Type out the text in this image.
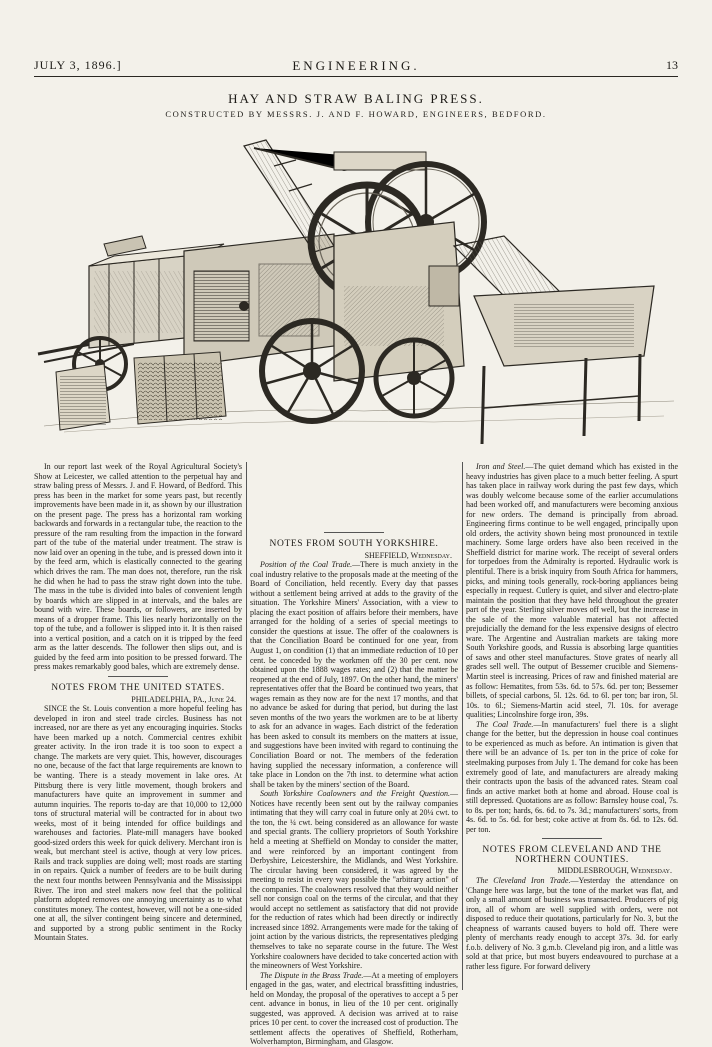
JULY 3, 1896.]	ENGINEERING.	13
HAY AND STRAW BALING PRESS.
CONSTRUCTED BY MESSRS. J. AND F. HOWARD, ENGINEERS, BEDFORD.

In our report last week of the Royal Agricultural Society's Show at Leicester, we called attention to the perpetual hay and straw baling press of Messrs. J. and F. Howard, of Bedford. This press has been in the market for some years past, but recently improvements have been made in it, as shown by our illustration on the present page. The press has a horizontal ram working backwards and forwards in a rectangular tube, the reaction to the pressure of the ram resulting from the impaction in the forward part of the tube of the material under treatment. The straw is now laid over an opening in the tube, and is pressed down into it by the feed arm, which is elastically connected to the gearing which drives the ram. The man does not, therefore, run the risk he did when he had to pass the straw right down into the tube. The mass in the tube is divided into bales of convenient length by boards which are slipped in at intervals, and the bales are bound with wire. These boards, or followers, are inserted by means of a dropper frame. This lies nearly horizontally on the top of the tube, and a follower is slipped into it. It is then raised into a vertical position, and a catch on it is tripped by the feed arm as the latter descends. The follower then slips out, and is guided by the feed arm into position to be pressed forward. The press makes remarkably good bales, which are extremely dense.

NOTES FROM THE UNITED STATES.
PHILADELPHIA, PA., June 24.

SINCE the St. Louis convention a more hopeful feeling has developed in iron and steel trade circles. Business has not increased, nor are there as yet any encouraging inquiries. Stocks have been marked up a notch. Commercial centres exhibit greater activity. In the iron trade it is too soon to expect a change. The markets are very quiet. This, however, discourages no one, because of the fact that large requirements are known to be wanting. There is a steady movement in lake ores. At Pittsburg there is very little movement, though brokers and manufacturers have quite an improvement in summer and autumn inquiries. The reports to-day are that 10,000 to 12,000 tons of structural material will be contracted for in about two weeks, most of it being intended for office buildings and warehouses and factories. Plate-mill managers have booked good-sized orders this week for quick delivery. Merchant iron is weak, but merchant steel is active, though at very low prices. Rails and track supplies are doing well; most roads are starting in on repairs. Quick a number of feeders are to be built during the next four months between Pennsylvania and the Mississippi River. The iron and steel makers now feel that the political platform adopted removes one annoying uncertainty as to what constitutes money. The contest, however, will not be a one-sided one at all, the silver contingent being sincere and determined, and supported by a strong public sentiment in the Rocky Mountain States.

NOTES FROM SOUTH YORKSHIRE.
SHEFFIELD, Wednesday.

Position of the Coal Trade.—There is much anxiety in the coal industry relative to the proposals made at the meeting of the Board of Conciliation, held recently. Every day that passes without a settlement being arrived at adds to the gravity of the situation. The Yorkshire Miners' Association, with a view to placing the exact position of affairs before their members, have arranged for the holding of a series of special meetings to consider the questions at issue. The offer of the coalowners is that the Conciliation Board be continued for one year, from August 1, on condition (1) that an immediate reduction of 10 per cent. be conceded by the workmen off the 30 per cent. now obtained upon the 1888 wages rates; and (2) that the matter be reopened at the end of July, 1897. On the other hand, the miners' representatives offer that the Board be continued two years, that wages remain as they now are for the next 17 months, and that no advance be asked for during that period, but during the last seven months of the two years the workmen are to be at liberty to ask for an advance in wages. Each district of the federation has been asked to consult its members on the matters at issue, and suggestions have been invited with regard to continuing the Conciliation Board or not. The members of the federation having supplied the necessary information, a conference will take place in London on the 7th inst. to determine what action shall be taken by the miners' section of the Board.

South Yorkshire Coalowners and the Freight Question.—Notices have recently been sent out by the railway companies intimating that they will carry coal in future only at 20¼ cwt. to the ton, the ¼ cwt. being considered as an allowance for waste and special grants. The colliery proprietors of South Yorkshire held a meeting at Sheffield on Monday to consider the matter, and were reinforced by an important contingent from Derbyshire, Leicestershire, the Midlands, and West Yorkshire. The circular having been considered, it was agreed by the meeting to resist in every way possible the "arbitrary action" of the companies. The coalowners resolved that they would neither sell nor consign coal on the terms of the circular, and that they would accept no settlement as satisfactory that did not provide for the reduction of rates which had been directly or indirectly increased since 1892. Arrangements were made for the taking of joint action by the various districts, the representatives pledging themselves to take no separate course in the future. The West Yorkshire coalowners have decided to take concerted action with the mineowners of West Yorkshire.

The Dispute in the Brass Trade.—At a meeting of employers engaged in the gas, water, and electrical brassfitting industries, held on Monday, the proposal of the operatives to accept a 5 per cent. advance in bonus, in lieu of the 10 per cent. originally suggested, was approved. A decision was arrived at to raise prices 10 per cent. to cover the increased cost of production. The settlement affects the operatives of Sheffield, Rotherham, Wolverhampton, Birmingham, and Glasgow.

Iron and Steel.—The quiet demand which has existed in the heavy industries has given place to a much better feeling. A spurt has taken place in railway work during the past few days, which was doubly welcome because some of the earlier accumulations had been worked off, and manufacturers were becoming anxious for new orders. The demand is principally from abroad. Engineering firms continue to be well engaged, principally upon old orders, the activity shown being most pronounced in textile machinery. Some large orders have also been received in the Sheffield district for marine work. The receipt of several orders for torpedoes from the Admiralty is reported. Hydraulic work is plentiful. There is a brisk inquiry from South Africa for hammers, picks, and mining tools generally, rock-boring appliances being especially in request. Cutlery is quiet, and silver and electro-plate maintain the position that they have held throughout the greater part of the year. Sterling silver moves off well, but the increase in the sale of the more valuable material has not affected prejudicially the demand for the less expensive designs of electro ware. The Argentine and Australian markets are taking more South Yorkshire goods, and Russia is absorbing large quantities of saws and other steel manufactures. Stove grates of nearly all grades sell well. The output of Bessemer crucible and Siemens-Martin steel is increasing. Prices of raw and finished material are as follow: Hematites, from 53s. 6d. to 57s. 6d. per ton; Bessemer billets, of special carbons, 5l. 12s. 6d. to 6l. per ton; bar iron, 5l. 10s. to 6l.; Siemens-Martin acid steel, 7l. 10s. for average qualities; Lincolnshire forge iron, 39s.

The Coal Trade.—In manufacturers' fuel there is a slight change for the better, but the depression in house coal continues to be experienced as much as before. An intimation is given that there will be an advance of 1s. per ton in the price of coke for steelmaking purposes from July 1. The demand for coke has been extremely good of late, and manufacturers are already making their contracts upon the basis of the advanced rates. Steam coal finds an active market both at home and abroad. House coal is still depressed. Quotations are as follow: Barnsley house coal, 7s. to 8s. per ton; hards, 6s. 6d. to 7s. 3d.; manufacturers' sorts, from 4s. 6d. to 5s. 6d. for best; coke active at from 8s. 6d. to 12s. 6d. per ton.

NOTES FROM CLEVELAND AND THE NORTHERN COUNTIES.
MIDDLESBROUGH, Wednesday.

The Cleveland Iron Trade.—Yesterday the attendance on 'Change here was large, but the tone of the market was flat, and only a small amount of business was transacted. Producers of pig iron, all of whom are well supplied with orders, were not disposed to reduce their quotations, particularly for No. 3, but the cheapness of warrants caused buyers to hold off. There were plenty of merchants ready enough to accept 37s. 3d. for early f.o.b. delivery of No. 3 g.m.b. Cleveland pig iron, and a little was sold at that price, but most buyers endeavoured to purchase at a rather less figure. For forward delivery
